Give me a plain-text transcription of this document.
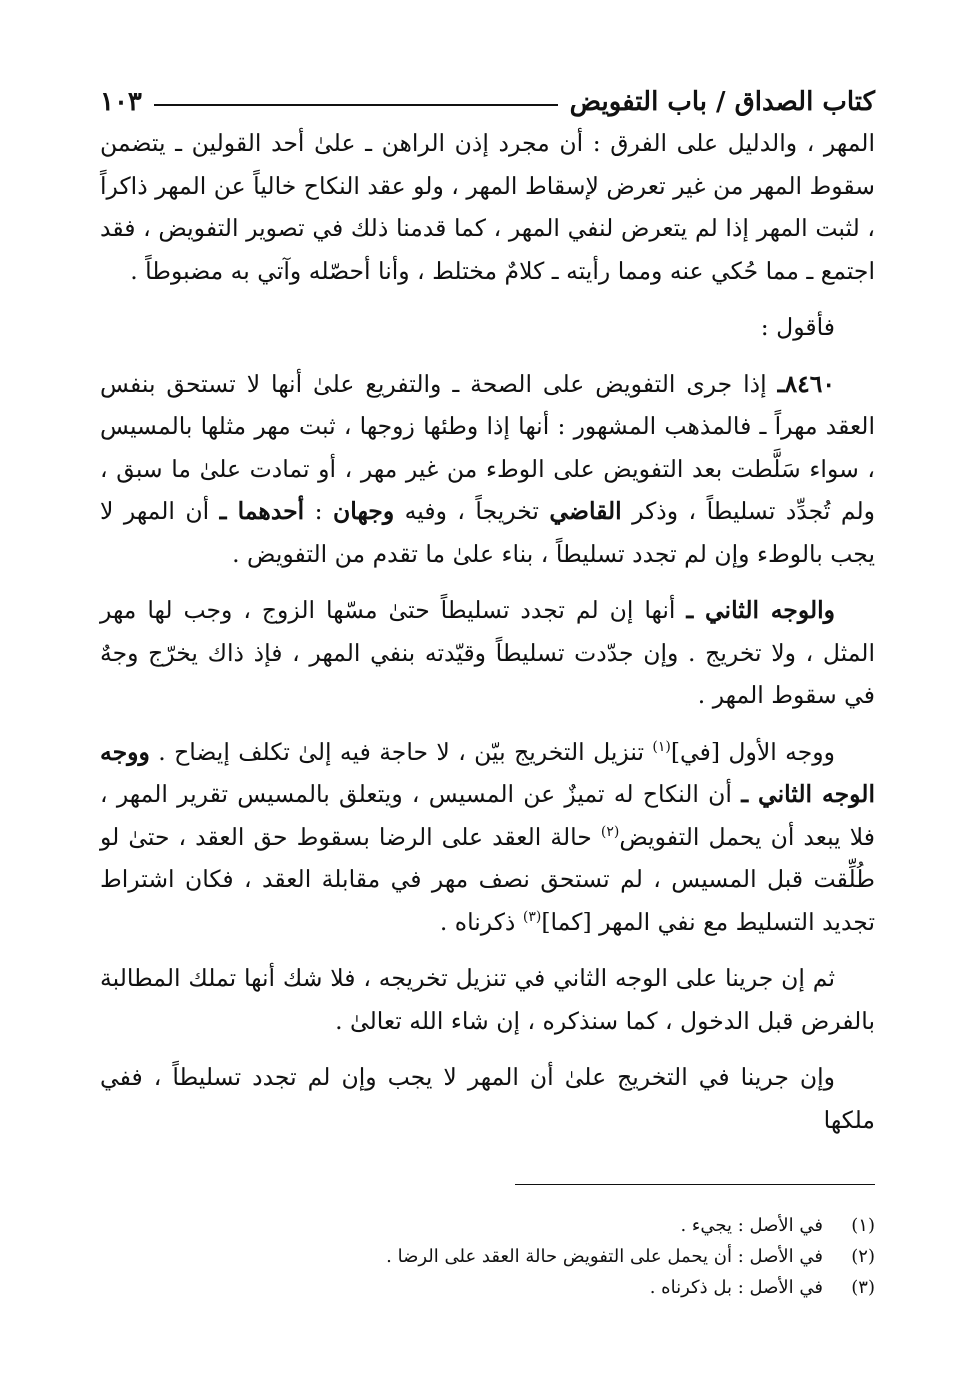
كتاب الصداق / باب التفويض
١٠٣

المهر ، والدليل على الفرق : أن مجرد إذن الراهن ـ علىٰ أحد القولين ـ يتضمن سقوط المهر من غير تعرض لإسقاط المهر ، ولو عقد النكاح خالياً عن المهر ذاكراً ، لثبت المهر إذا لم يتعرض لنفي المهر ، كما قدمنا ذلك في تصوير التفويض ، فقد اجتمع ـ مما حُكي عنه ومما رأيته ـ كلامٌ مختلط ، وأنا أحصّله وآتي به مضبوطاً .

فأقول :

٨٤٦٠ـ إذا جرى التفويض على الصحة ـ والتفريع علىٰ أنها لا تستحق بنفس العقد مهراً ـ فالمذهب المشهور : أنها إذا وطئها زوجها ، ثبت مهر مثلها بالمسيس ، سواء سَلَّطت بعد التفويض على الوطء من غير مهر ، أو تمادت علىٰ ما سبق ، ولم تُجدِّد تسليطاً ، وذكر القاضي تخريجاً ، وفيه وجهان : أحدهما ـ أن المهر لا يجب بالوطء وإن لم تجدد تسليطاً ، بناء علىٰ ما تقدم من التفويض .

والوجه الثاني ـ أنها إن لم تجدد تسليطاً حتىٰ مسّها الزوج ، وجب لها مهر المثل ، ولا تخريج . وإن جدّدت تسليطاً وقيّدته بنفي المهر ، فإذ ذاك يخرّج وجهٌ في سقوط المهر .

ووجه الأول [في]$^{(١)}$ تنزيل التخريج بيّن ، لا حاجة فيه إلىٰ تكلف إيضاح . ووجه الوجه الثاني ـ أن النكاح له تميزٌ عن المسيس ، ويتعلق بالمسيس تقرير المهر ، فلا يبعد أن يحمل التفويض$^{(٢)}$ حالة العقد على الرضا بسقوط حق العقد ، حتىٰ لو طُلِّقت قبل المسيس ، لم تستحق نصف مهر في مقابلة العقد ، فكان اشتراط تجديد التسليط مع نفي المهر [كما]$^{(٣)}$ ذكرناه .

ثم إن جرينا على الوجه الثاني في تنزيل تخريجه ، فلا شك أنها تملك المطالبة بالفرض قبل الدخول ، كما سنذكره ، إن شاء الله تعالىٰ .

وإن جرينا في التخريج علىٰ أن المهر لا يجب وإن لم تجدد تسليطاً ، ففي ملكها

(١)
في الأصل : يجيء .
(٢)
في الأصل : أن يحمل على التفويض حالة العقد على الرضا .
(٣)
في الأصل : بل ذكرناه .
